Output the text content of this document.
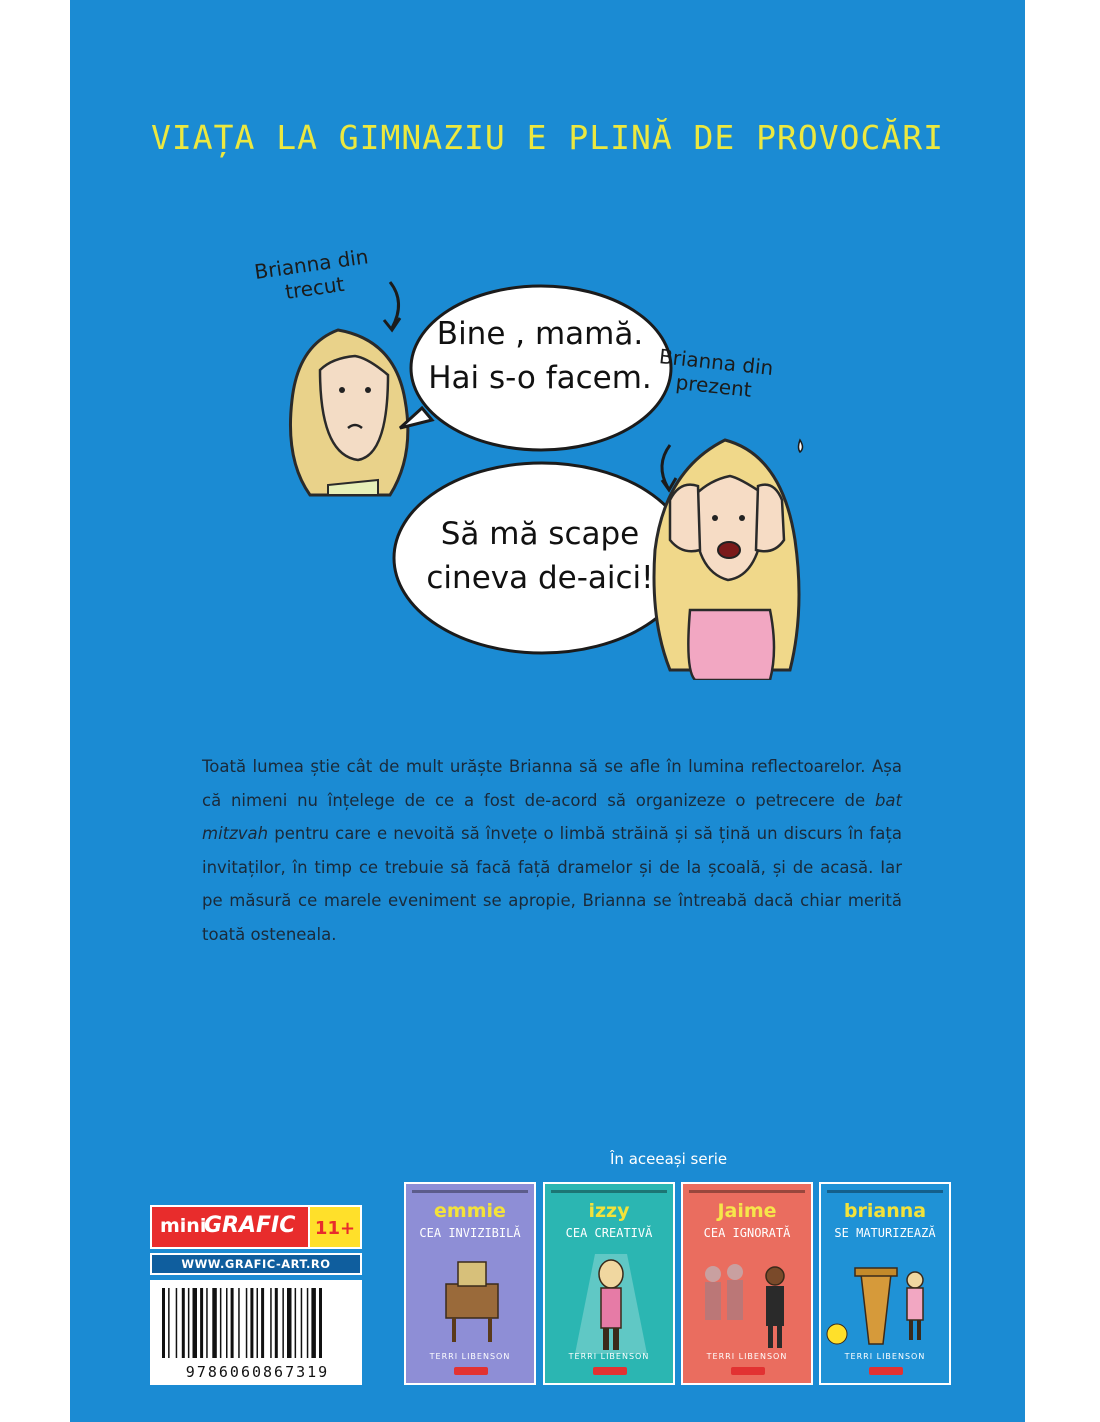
VIAȚA LA GIMNAZIU E PLINĂ DE PROVOCĂRI
Brianna din trecut
Brianna din prezent
Bine , mamă. Hai s-o facem.
Să mă scape cineva de-aici!

Toată lumea știe cât de mult urăște Brianna să se afle în lumina reflectoarelor. Așa că nimeni nu înțelege de ce a fost de-acord să organizeze o petrecere de bat mitzvah pentru care e nevoită să învețe o limbă străină și să țină un discurs în fața invitaților, în timp ce trebuie să facă față dramelor și de la școală, și de acasă. Iar pe măsură ce marele eveniment se apropie, Brianna se întreabă dacă chiar merită toată osteneala.

În aceeași serie
emmie
CEA INVIZIBILĂ
TERRI LIBENSON
izzy
CEA CREATIVĂ
TERRI LIBENSON
Jaime
CEA IGNORATĂ
TERRI LIBENSON
brianna
SE MATURIZEAZĂ
TERRI LIBENSON
mini
GRAFIC	11+
WWW.GRAFIC-ART.RO
9786060867319
